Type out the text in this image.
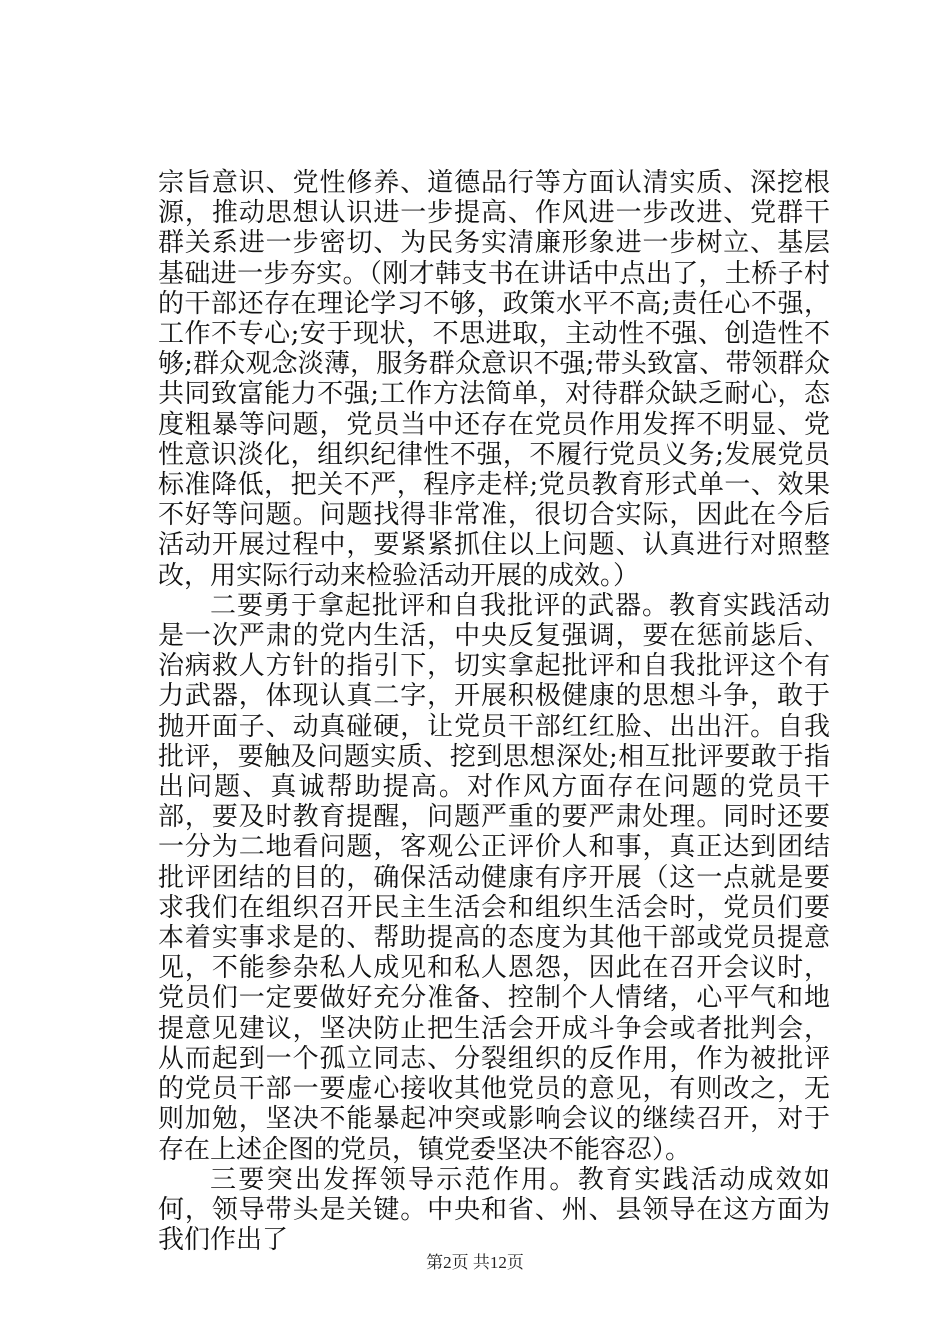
宗旨意识、党性修养、道德品行等方面认清实质、深挖根源，推动思想认识进一步提高、作风进一步改进、党群干群关系进一步密切、为民务实清廉形象进一步树立、基层基础进一步夯实。（刚才韩支书在讲话中点出了，土桥子村的干部还存在理论学习不够，政策水平不高;责任心不强，工作不专心;安于现状，不思进取，主动性不强、创造性不够;群众观念淡薄，服务群众意识不强;带头致富、带领群众共同致富能力不强;工作方法简单，对待群众缺乏耐心，态度粗暴等问题，党员当中还存在党员作用发挥不明显、党性意识淡化，组织纪律性不强，不履行党员义务;发展党员标准降低，把关不严，程序走样;党员教育形式单一、效果不好等问题。问题找得非常准，很切合实际，因此在今后活动开展过程中，要紧紧抓住以上问题、认真进行对照整改，用实际行动来检验活动开展的成效。）

二要勇于拿起批评和自我批评的武器。教育实践活动是一次严肃的党内生活，中央反复强调，要在惩前毖后、治病救人方针的指引下，切实拿起批评和自我批评这个有力武器，体现认真二字，开展积极健康的思想斗争，敢于抛开面子、动真碰硬，让党员干部红红脸、出出汗。自我批评，要触及问题实质、挖到思想深处;相互批评要敢于指出问题、真诚帮助提高。对作风方面存在问题的党员干部，要及时教育提醒，问题严重的要严肃处理。同时还要一分为二地看问题，客观公正评价人和事，真正达到团结批评团结的目的，确保活动健康有序开展（这一点就是要求我们在组织召开民主生活会和组织生活会时，党员们要本着实事求是的、帮助提高的态度为其他干部或党员提意见，不能参杂私人成见和私人恩怨，因此在召开会议时，党员们一定要做好充分准备、控制个人情绪，心平气和地提意见建议，坚决防止把生活会开成斗争会或者批判会，从而起到一个孤立同志、分裂组织的反作用，作为被批评的党员干部一要虚心接收其他党员的意见，有则改之，无则加勉，坚决不能暴起冲突或影响会议的继续召开，对于存在上述企图的党员，镇党委坚决不能容忍）。

三要突出发挥领导示范作用。教育实践活动成效如何，领导带头是关键。中央和省、州、县领导在这方面为我们作出了

第2页 共12页
